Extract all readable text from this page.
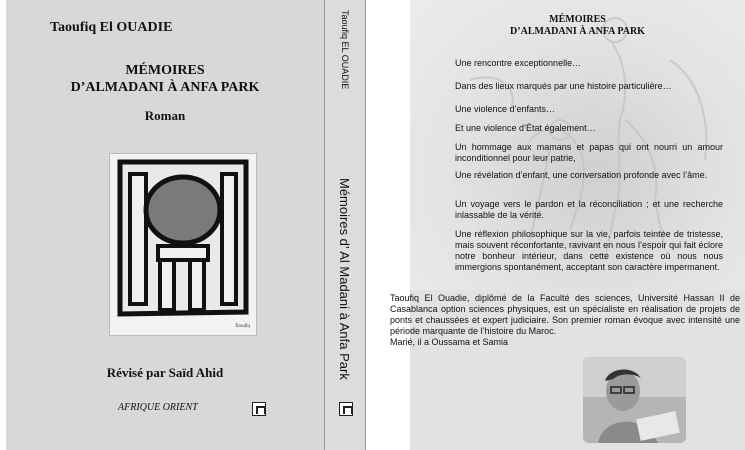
Taoufiq El OUADIE
MÉMOIRES
D’ALMADANI À ANFA PARK
Roman
Taoufiq
Révisé par Saïd Ahid
AFRIQUE ORIENT
Taoufiq EL OUADIE
Mémoires d’ Al Madani à Anfa Park
MÉMOIRES
D’ALMADANI À ANFA PARK
Une rencontre exceptionnelle…
Dans des lieux marqués par une histoire particulière…
Une violence d’enfants…
Et une violence d’État également…
Un hommage aux mamans et papas qui ont nourri un amour inconditionnel pour leur patrie,
Une révélation d’enfant, une conversation profonde avec l’âme.
Un voyage vers le pardon et la réconciliation ; et une recherche inlassable de la vérité.
Une réflexion philosophique sur la vie, parfois teintée de tristesse, mais souvent réconfortante, ravivant en nous l’espoir qui fait éclore notre bonheur intérieur, dans cette existence où nous nous immergions spontanément, acceptant son caractère impermanent.
Taoufiq El Ouadie, diplômé de la Faculté des sciences, Université Hassan II de Casablanca option sciences physiques, est un spécialiste en réalisation de projets de ponts et chaussées et expert judiciaire. Son premier roman évoque avec intensité une période marquante de l’histoire du Maroc.
Marié, il a Oussama et Samia
